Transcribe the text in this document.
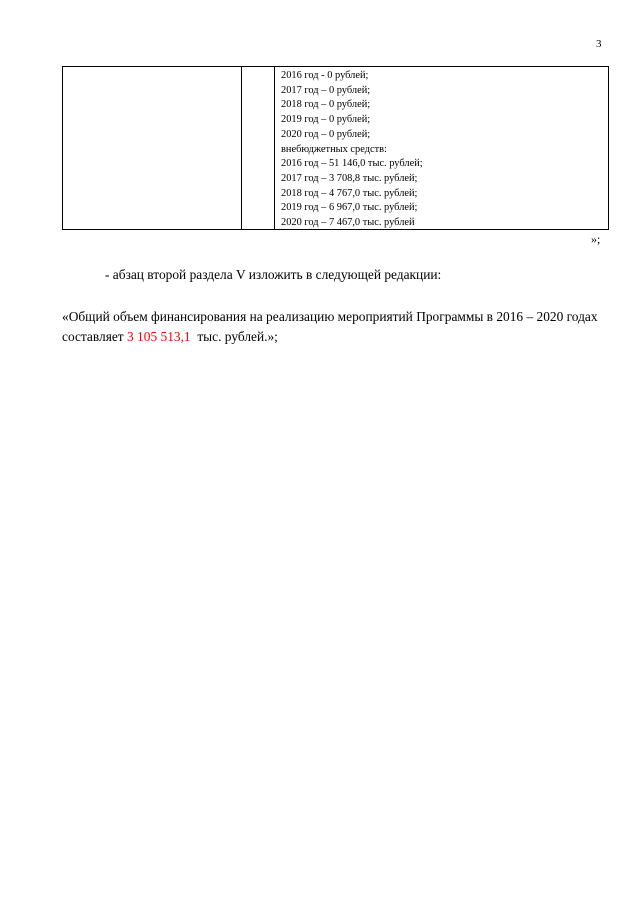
3
2016 год - 0 рублей;
2017 год – 0 рублей;
2018 год – 0 рублей;
2019 год – 0 рублей;
2020 год – 0 рублей;
внебюджетных средств:
2016 год – 51 146,0 тыс. рублей;
2017 год – 3 708,8 тыс. рублей;
2018 год – 4 767,0 тыс. рублей;
2019 год – 6 967,0 тыс. рублей;
2020 год – 7 467,0 тыс. рублей
»;
- абзац второй раздела V изложить в следующей редакции:

«Общий объем финансирования на реализацию мероприятий Программы в 2016 – 2020 годах составляет 3 105 513,1  тыс. рублей.»;
